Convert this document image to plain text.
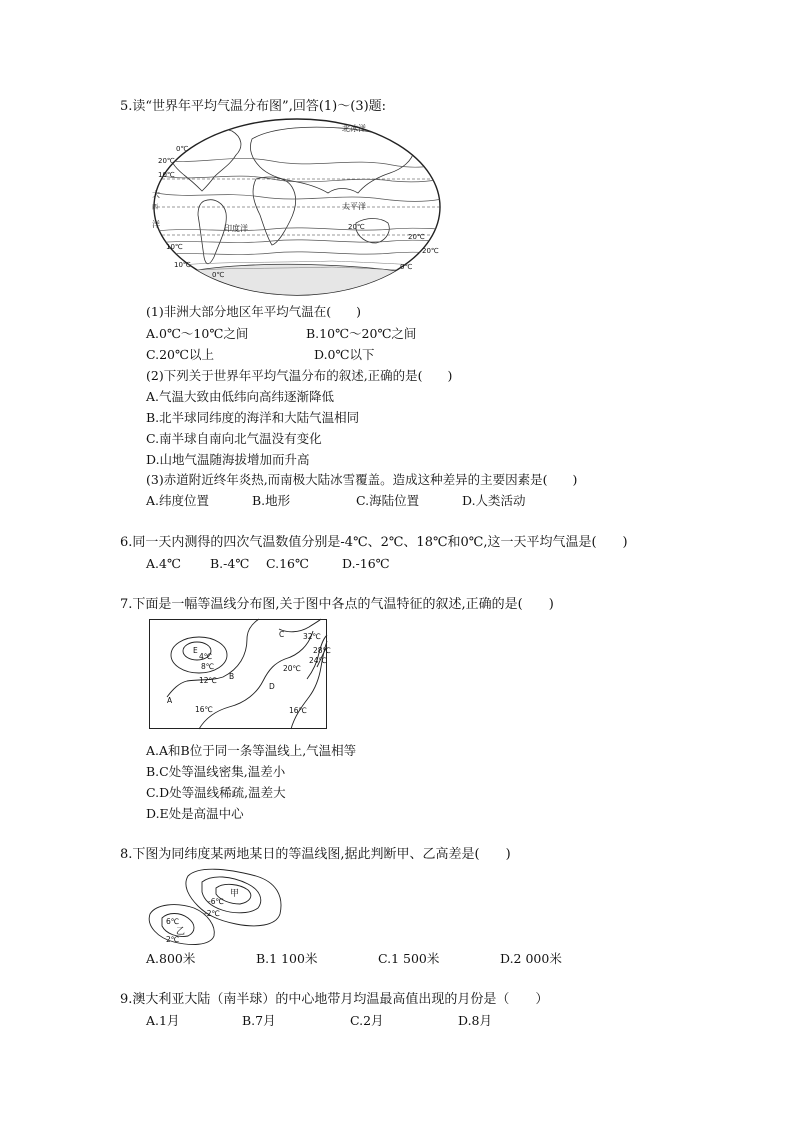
5.读“世界年平均气温分布图”,回答(1)～(3)题:
北冰洋
太平洋
印度洋
大
西
洋
20℃
10℃
0℃
20℃
20℃
20℃
10℃
0℃
10℃
0℃
(1)非洲大部分地区年平均气温在(　　)
A.0℃～10℃之间	B.10℃～20℃之间
C.20℃以上	D.0℃以下
(2)下列关于世界年平均气温分布的叙述,正确的是(　　)
A.气温大致由低纬向高纬逐渐降低
B.北半球同纬度的海洋和大陆气温相同
C.南半球自南向北气温没有变化
D.山地气温随海拔增加而升高
(3)赤道附近终年炎热,而南极大陆冰雪覆盖。造成这种差异的主要因素是(　　)
A.纬度位置	B.地形	C.海陆位置	D.人类活动
6.同一天内测得的四次气温数值分别是-4℃、2℃、18℃和0℃,这一天平均气温是(　　)
A.4℃ B.-4℃ C.16℃	D.-16℃
7.下面是一幅等温线分布图,关于图中各点的气温特征的叙述,正确的是(　　)
E
4℃
8℃
12℃ B
A
16℃
D
C	32℃
28℃
24℃
20℃
16℃
A.A和B位于同一条等温线上,气温相等
B.C处等温线密集,温差小
C.D处等温线稀疏,温差大
D.E处是高温中心
8.下图为同纬度某两地某日的等温线图,据此判断甲、乙高差是(　　)
甲
-6℃
-2℃
6℃
乙
2℃
A.800米	B.1 100米	C.1 500米	D.2 000米
9.澳大利亚大陆（南半球）的中心地带月均温最高值出现的月份是（　　）
A.1月	B.7月	C.2月	D.8月
